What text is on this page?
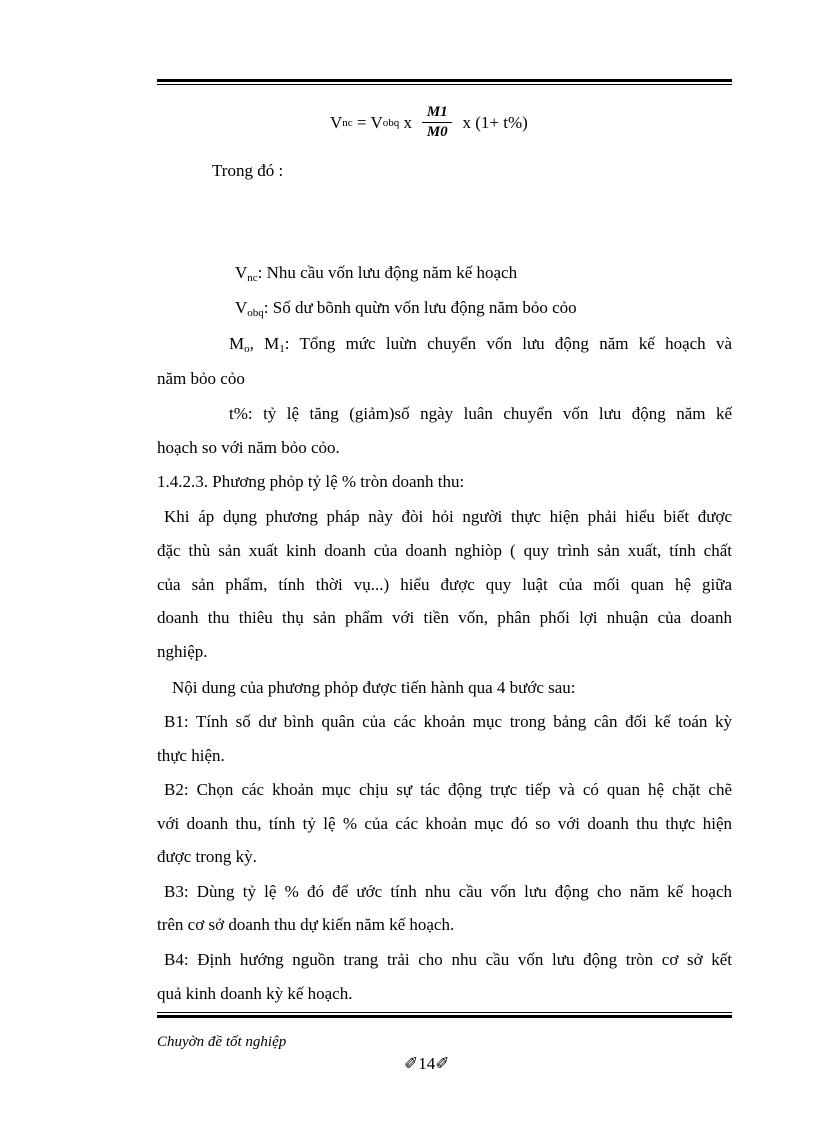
V nc = V obq x $\frac{M1}{M0}$ x (1+ t%)
Trong đó :
$V_{nc}$: Nhu cầu vốn lưu động năm kế hoạch
$V_{obq}$: Số dư bõnh quừn vốn lưu động năm bỏo cỏo
$M_o$, $M_1$: Tổng mức luừn chuyển vốn lưu động năm kế hoạch và
năm bỏo cỏo
t%: tỷ lệ tăng (giảm)số ngày luân chuyển vốn lưu động năm kế
hoạch so với năm bỏo cỏo.
1.4.2.3. Phương phỏp tỷ lệ % tròn doanh thu:
Khi áp dụng phương pháp này đòi hỏi người thực hiện phải hiểu biết được
đặc thù sản xuất kinh doanh của doanh nghiòp ( quy trình sản xuất, tính chất
của sản phẩm, tính thời vụ...) hiểu được quy luật của mối quan hệ giữa
doanh thu thiêu thụ sản phẩm với tiền vốn, phân phối lợi nhuận của doanh
nghiệp.
Nội dung của phương phỏp được tiến hành qua 4 bước sau:
B1: Tính số dư bình quân của các khoản mục trong bảng cân đối kế toán kỳ
thực hiện.
B2: Chọn các khoản mục chịu sự tác động trực tiếp và có quan hệ chặt chẽ
với doanh thu, tính tỷ lệ % của các khoản mục đó so với doanh thu thực hiện
được trong kỳ.
B3: Dùng tỷ lệ % đó để ước tính nhu cầu vốn lưu động cho năm kế hoạch
trên cơ sở doanh thu dự kiến năm kế hoạch.
B4: Định hướng nguồn trang trải cho nhu cầu vốn lưu động tròn cơ sở kết
quả kinh doanh kỳ kế hoạch.
Chuyờn đề tốt nghiệp
✐14✐
